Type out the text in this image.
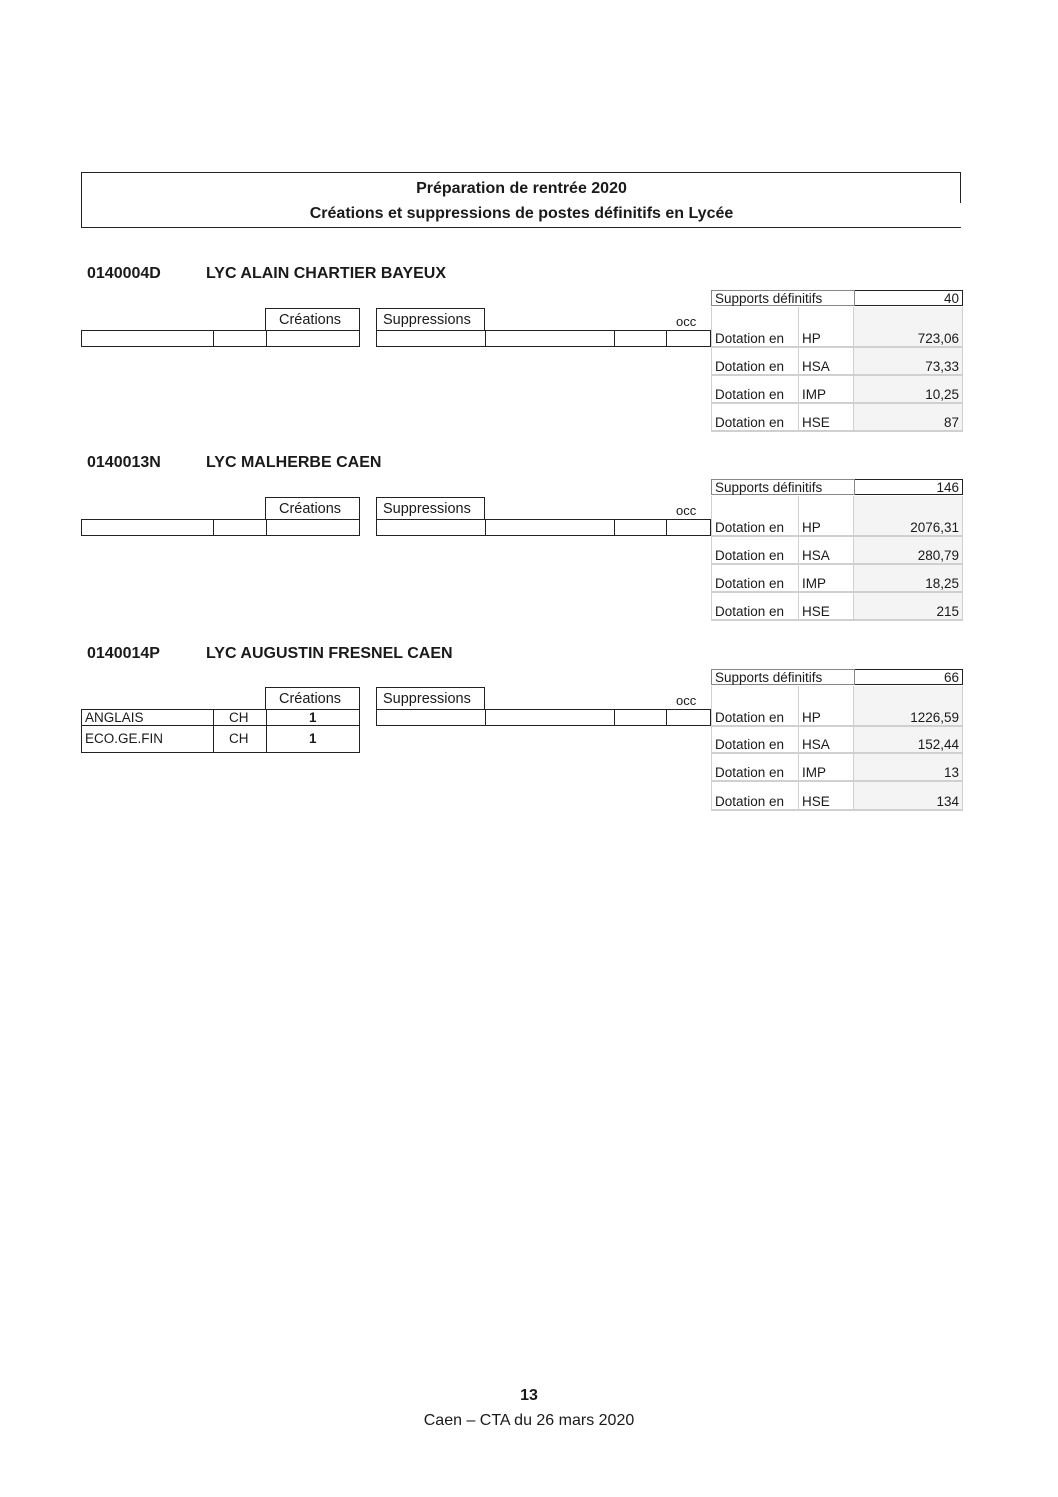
Préparation de rentrée 2020
Créations et suppressions de postes définitifs en Lycée
0140004D	LYC ALAIN CHARTIER BAYEUX
Créations	Suppressions	occ
Supports définitifs	40
Dotation en	HP	723,06
Dotation en	HSA	73,33
Dotation en	IMP	10,25
Dotation en	HSE	87
0140013N	LYC MALHERBE CAEN
Créations	Suppressions	occ
Supports définitifs	146
Dotation en	HP	2076,31
Dotation en	HSA	280,79
Dotation en	IMP	18,25
Dotation en	HSE	215
0140014P	LYC AUGUSTIN FRESNEL CAEN
Créations	Suppressions	occ
ANGLAIS	CH	1
ECO.GE.FIN	CH	1
Supports définitifs	66
Dotation en	HP	1226,59
Dotation en	HSA	152,44
Dotation en	IMP	13
Dotation en	HSE	134
13
Caen – CTA du 26 mars 2020
